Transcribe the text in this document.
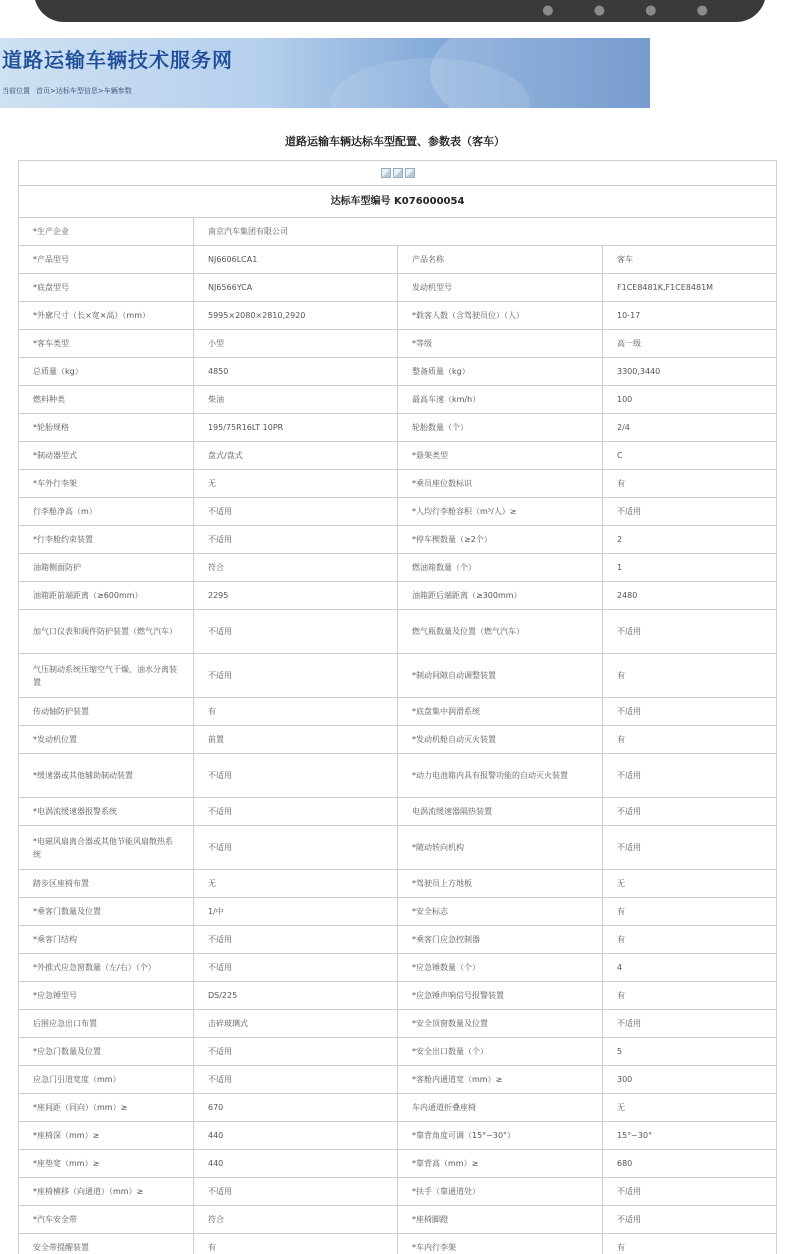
● ● ● ●
道路运输车辆技术服务网
当前位置 首页>达标车型信息>车辆参数
道路运输车辆达标车型配置、参数表（客车）

达标车型编号 K076000054			
*生产企业	南京汽车集团有限公司		
*产品型号	NJ6606LCA1	产品名称	客车
*底盘型号	NJ6566YCA	发动机型号	F1CE8481K,F1CE8481M
*外廓尺寸（长×宽×高）（mm）	5995×2080×2810,2920	*载客人数（含驾驶员位）（人）	10-17
*客车类型	小型	*等级	高一级
总质量（kg）	4850	整备质量（kg）	3300,3440
燃料种类	柴油	最高车速（km/h）	100
*轮胎规格	195/75R16LT 10PR	轮胎数量（个）	2/4
*制动器型式	盘式/盘式	*悬架类型	C
*车外行李架	无	*乘员座位数标识	有
行李舱净高（m）	不适用	*人均行李舱容积（m³/人）≥	不适用
*行李舱约束装置	不适用	*停车楔数量（≥2个）	2
油箱侧面防护	符合	燃油箱数量（个）	1
油箱距前端距离（≥600mm）	2295	油箱距后端距离（≥300mm）	2480
加气口仪表和阀件防护装置（燃气汽车）	不适用	燃气瓶数量及位置（燃气汽车）	不适用
气压制动系统压缩空气干燥、油水分离装置	不适用	*制动间隙自动调整装置	有
传动轴防护装置	有	*底盘集中润滑系统	不适用
*发动机位置	前置	*发动机舱自动灭火装置	有
*缓速器或其他辅助制动装置	不适用	*动力电池箱内具有报警功能的自动灭火装置	不适用
*电涡流缓速器报警系统	不适用	电涡流缓速器隔热装置	不适用
*电磁风扇离合器或其他节能风扇散热系统	不适用	*随动转向机构	不适用
踏步区座椅布置	无	*驾驶员上方地板	无
*乘客门数量及位置	1/中	*安全标志	有
*乘客门结构	不适用	*乘客门应急控制器	有
*外推式应急窗数量（左/右）（个）	不适用	*应急锤数量（个）	4
*应急锤型号	DS/225	*应急锤声响信号报警装置	有
后围应急出口布置	击碎玻璃式	*安全顶窗数量及位置	不适用
*应急门数量及位置	不适用	*安全出口数量（个）	5
应急门引道宽度（mm）	不适用	*客舱内通道宽（mm）≥	300
*座间距（同向）（mm）≥	670	车内通道折叠座椅	无
*座椅深（mm）≥	440	*靠背角度可调（15°~30°）	15°~30°
*座垫宽（mm）≥	440	*靠背高（mm）≥	680
*座椅横移（向通道）（mm）≥	不适用	*扶手（靠通道处）	不适用
*汽车安全带	符合	*座椅脚蹬	不适用
安全带提醒装置	有	*车内行李架	有
